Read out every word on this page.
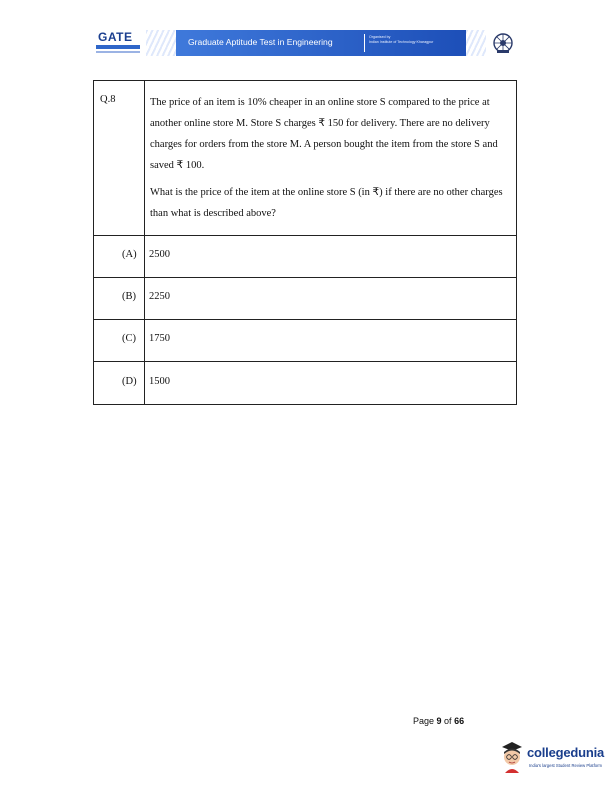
GATE	Graduate Aptitude Test in Engineering	Organised by
Indian Institute of Technology Kharagpur
Q.8	The price of an item is 10% cheaper in an online store S compared to the price at another online store M. Store S charges ₹ 150 for delivery. There are no delivery charges for orders from the store M. A person bought the item from the store S and saved ₹ 100.

What is the price of the item at the online store S (in ₹) if there are no other charges than what is described above?

(A) 2500
(B) 2250
(C) 1750
(D) 1500
Page 9 of 66
collegedunia
India's largest Student Review Platform
